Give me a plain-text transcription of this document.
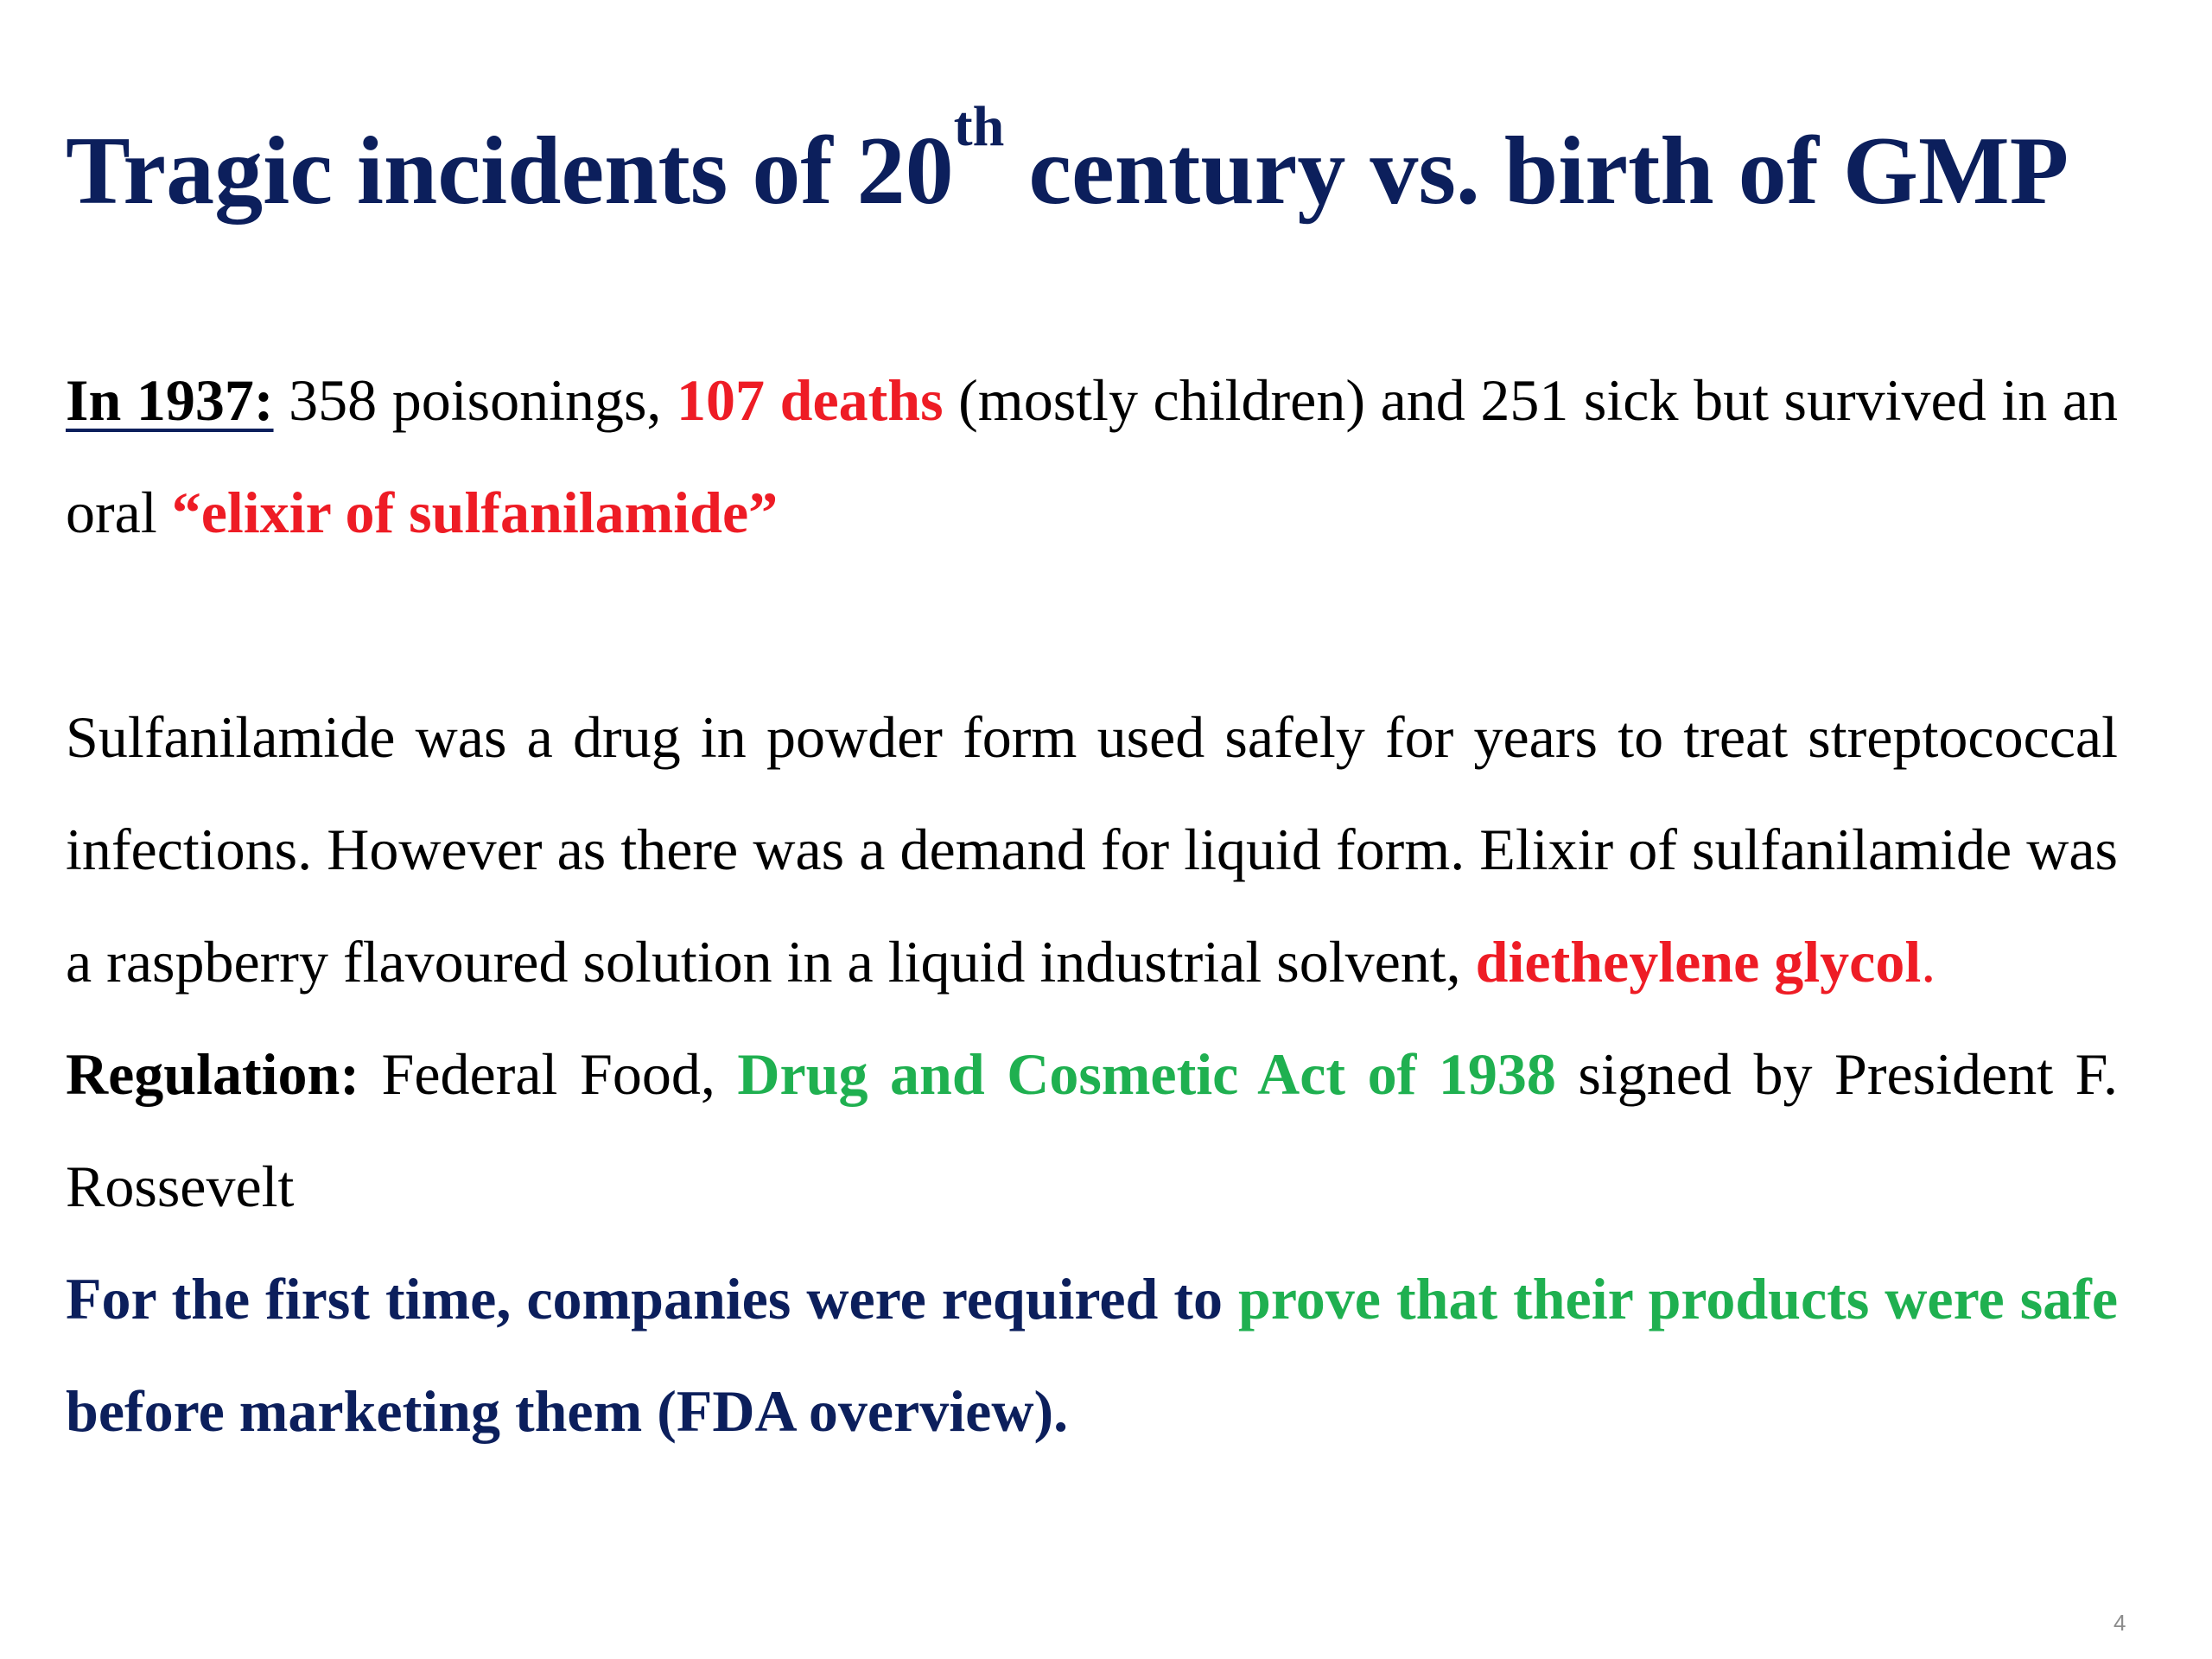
Tragic incidents of 20th century vs. birth of GMP

In 1937: 358 poisonings, 107 deaths (mostly children) and 251 sick but survived in an oral “elixir of sulfanilamide”

Sulfanilamide was a drug in powder form used safely for years to treat streptococcal infections. However as there was a demand for liquid form. Elixir of sulfanilamide was a raspberry flavoured solution in a liquid industrial solvent, dietheylene glycol.

Regulation: Federal Food, Drug and Cosmetic Act of 1938 signed by President F. Rossevelt

For the first time, companies were required to prove that their products were safe before marketing them (FDA overview).

4
